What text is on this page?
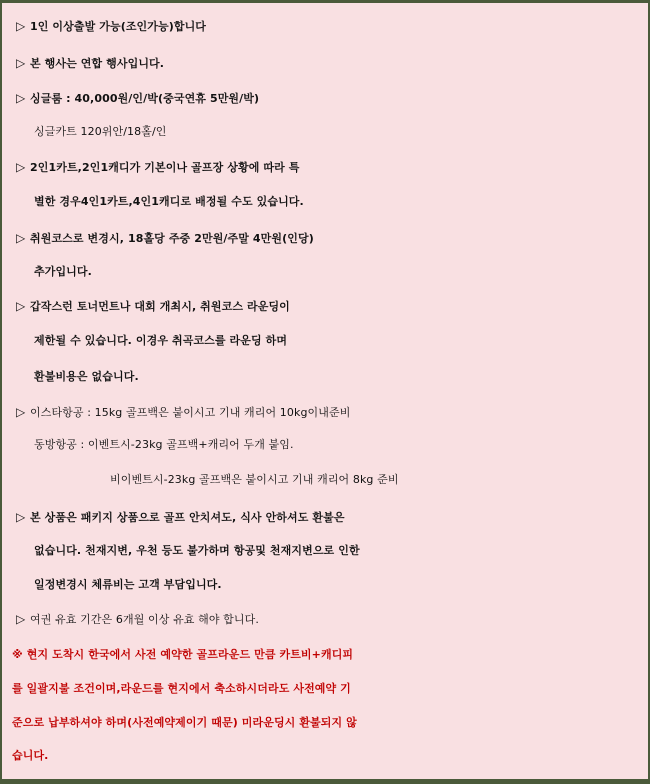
▷ 1인 이상출발 가능(조인가능)합니다
▷ 본 행사는 연합 행사입니다.
▷ 싱글룸 : 40,000원/인/박(중국연휴 5만원/박)
싱글카트 120위안/18홀/인
▷ 2인1카트,2인1캐디가 기본이나 골프장 상황에 따라 특
별한 경우4인1카트,4인1캐디로 배정될 수도 있습니다.
▷ 취원코스로 변경시, 18홀당 주중 2만원/주말 4만원(인당)
추가입니다.
▷ 갑작스런 토너먼트나 대회 개최시, 취원코스 라운딩이
제한될 수 있습니다. 이경우 취곡코스를 라운딩 하며
환불비용은 없습니다.
▷ 이스타항공 : 15kg 골프백은 붙이시고 기내 캐리어 10kg이내준비
동방항공 : 이벤트시-23kg 골프백+캐리어 두개 붙임.
비이벤트시-23kg 골프백은 붙이시고 기내 캐리어 8kg 준비
▷ 본 상품은 패키지 상품으로 골프 안치셔도, 식사 안하셔도 환불은
없습니다. 천재지변, 우천 등도 불가하며 항공및 천재지변으로 인한
일정변경시 체류비는 고객 부담입니다.
▷ 여권 유효 기간은 6개월 이상 유효 해야 합니다.
※ 현지 도착시 한국에서 사전 예약한 골프라운드 만큼 카트비+캐디피
를 일괄지불 조건이며,라운드를 현지에서 축소하시더라도 사전예약 기
준으로 납부하셔야 하며(사전예약제이기 때문) 미라운딩시 환불되지 않
습니다.
